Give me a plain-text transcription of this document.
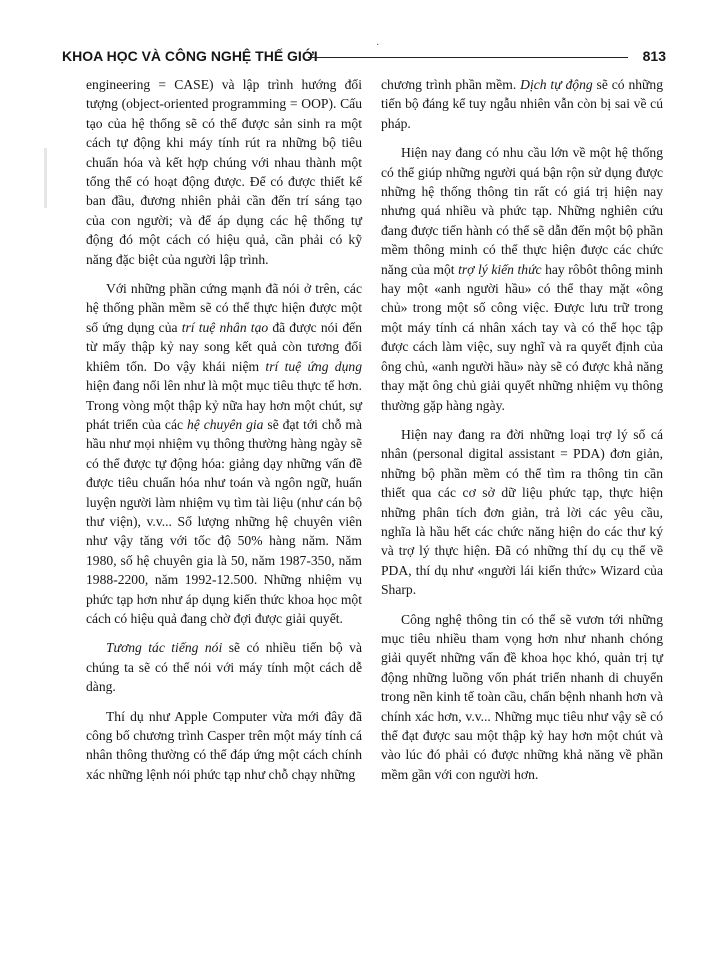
·
KHOA HỌC VÀ CÔNG NGHỆ THẾ GIỚI	813

engineering = CASE) và lập trình hướng đối tượng (object-oriented programming = OOP). Cấu tạo của hệ thống sẽ có thể được sản sinh ra một cách tự động khi máy tính rút ra những bộ tiêu chuẩn hóa và kết hợp chúng với nhau thành một tổng thể có hoạt động được. Để có được thiết kế ban đầu, đương nhiên phải cần đến trí sáng tạo của con người; và để áp dụng các hệ thống tự động đó một cách có hiệu quả, cần phải có kỹ năng đặc biệt của người lập trình.

Với những phần cứng mạnh đã nói ở trên, các hệ thống phần mềm sẽ có thể thực hiện được một số ứng dụng của trí tuệ nhân tạo đã được nói đến từ mấy thập kỷ nay song kết quả còn tương đối khiêm tốn. Do vậy khái niệm trí tuệ ứng dụng hiện đang nổi lên như là một mục tiêu thực tế hơn. Trong vòng một thập kỷ nữa hay hơn một chút, sự phát triển của các hệ chuyên gia sẽ đạt tới chỗ mà hầu như mọi nhiệm vụ thông thường hàng ngày sẽ có thể được tự động hóa: giảng dạy những vấn đề được tiêu chuẩn hóa như toán và ngôn ngữ, huấn luyện người làm nhiệm vụ tìm tài liệu (như cán bộ thư viện), v.v... Số lượng những hệ chuyên viên như vậy tăng với tốc độ 50% hàng năm. Năm 1980, số hệ chuyên gia là 50, năm 1987-350, năm 1988-2200, năm 1992-12.500. Những nhiệm vụ phức tạp hơn như áp dụng kiến thức khoa học một cách có hiệu quả đang chờ đợi được giải quyết.

Tương tác tiếng nói sẽ có nhiều tiến bộ và chúng ta sẽ có thể nói với máy tính một cách dễ dàng.

Thí dụ như Apple Computer vừa mới đây đã công bố chương trình Casper trên một máy tính cá nhân thông thường có thể đáp ứng một cách chính xác những lệnh nói phức tạp như chỗ chạy những

chương trình phần mềm. Dịch tự động sẽ có những tiến bộ đáng kể tuy ngẫu nhiên vẫn còn bị sai về cú pháp.

Hiện nay đang có nhu cầu lớn về một hệ thống có thể giúp những người quá bận rộn sử dụng được những hệ thống thông tin rất có giá trị hiện nay nhưng quá nhiều và phức tạp. Những nghiên cứu đang được tiến hành có thể sẽ dẫn đến một bộ phần mềm thông minh có thể thực hiện được các chức năng của một trợ lý kiến thức hay rôbôt thông minh hay một «anh người hầu» có thể thay mặt «ông chủ» trong một số công việc. Được lưu trữ trong một máy tính cá nhân xách tay và có thể học tập được cách làm việc, suy nghĩ và ra quyết định của ông chủ, «anh người hầu» này sẽ có được khả năng thay mặt ông chủ giải quyết những nhiệm vụ thông thường gặp hàng ngày.

Hiện nay đang ra đời những loại trợ lý số cá nhân (personal digital assistant = PDA) đơn giản, những bộ phần mềm có thể tìm ra thông tin cần thiết qua các cơ sở dữ liệu phức tạp, thực hiện những phân tích đơn giản, trả lời các yêu cầu, nghĩa là hầu hết các chức năng hiện do các thư ký và trợ lý thực hiện. Đã có những thí dụ cụ thể về PDA, thí dụ như «người lái kiến thức» Wizard của Sharp.

Công nghệ thông tin có thể sẽ vươn tới những mục tiêu nhiều tham vọng hơn như nhanh chóng giải quyết những vấn đề khoa học khó, quản trị tự động những luồng vốn phát triển nhanh di chuyển trong nền kinh tế toàn cầu, chấn bệnh nhanh hơn và chính xác hơn, v.v... Những mục tiêu như vậy sẽ có thể đạt được sau một thập kỷ hay hơn một chút và vào lúc đó phải có được những khả năng về phần mềm gần với con người hơn.
